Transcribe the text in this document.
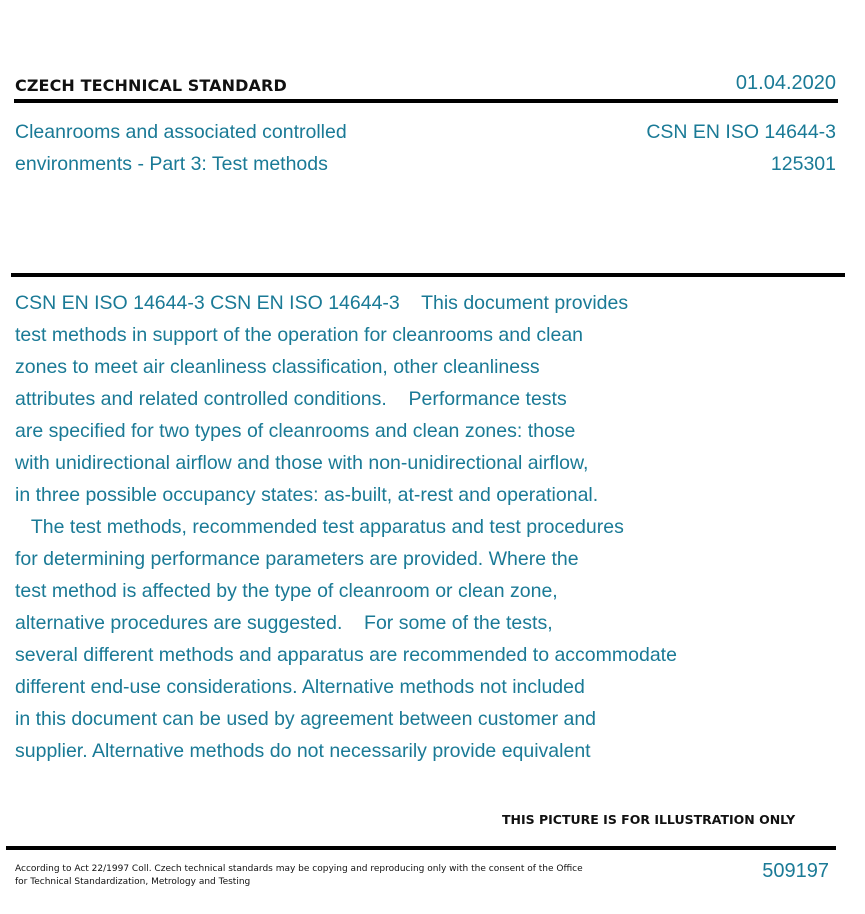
CZECH TECHNICAL STANDARD	01.04.2020
Cleanrooms and associated controlled
environments - Part 3: Test methods
CSN EN ISO 14644-3
125301
CSN EN ISO 14644-3 CSN EN ISO 14644-3    This document provides
test methods in support of the operation for cleanrooms and clean
zones to meet air cleanliness classification, other cleanliness
attributes and related controlled conditions.    Performance tests
are specified for two types of cleanrooms and clean zones: those
with unidirectional airflow and those with non-unidirectional airflow,
in three possible occupancy states: as-built, at-rest and operational.
The test methods, recommended test apparatus and test procedures
for determining performance parameters are provided. Where the
test method is affected by the type of cleanroom or clean zone,
alternative procedures are suggested.    For some of the tests,
several different methods and apparatus are recommended to accommodate
different end-use considerations. Alternative methods not included
in this document can be used by agreement between customer and
supplier. Alternative methods do not necessarily provide equivalent
THIS PICTURE IS FOR ILLUSTRATION ONLY
According to Act 22/1997 Coll. Czech technical standards may be copying and reproducing only with the consent of the Office
for Technical Standardization, Metrology and Testing	509197
